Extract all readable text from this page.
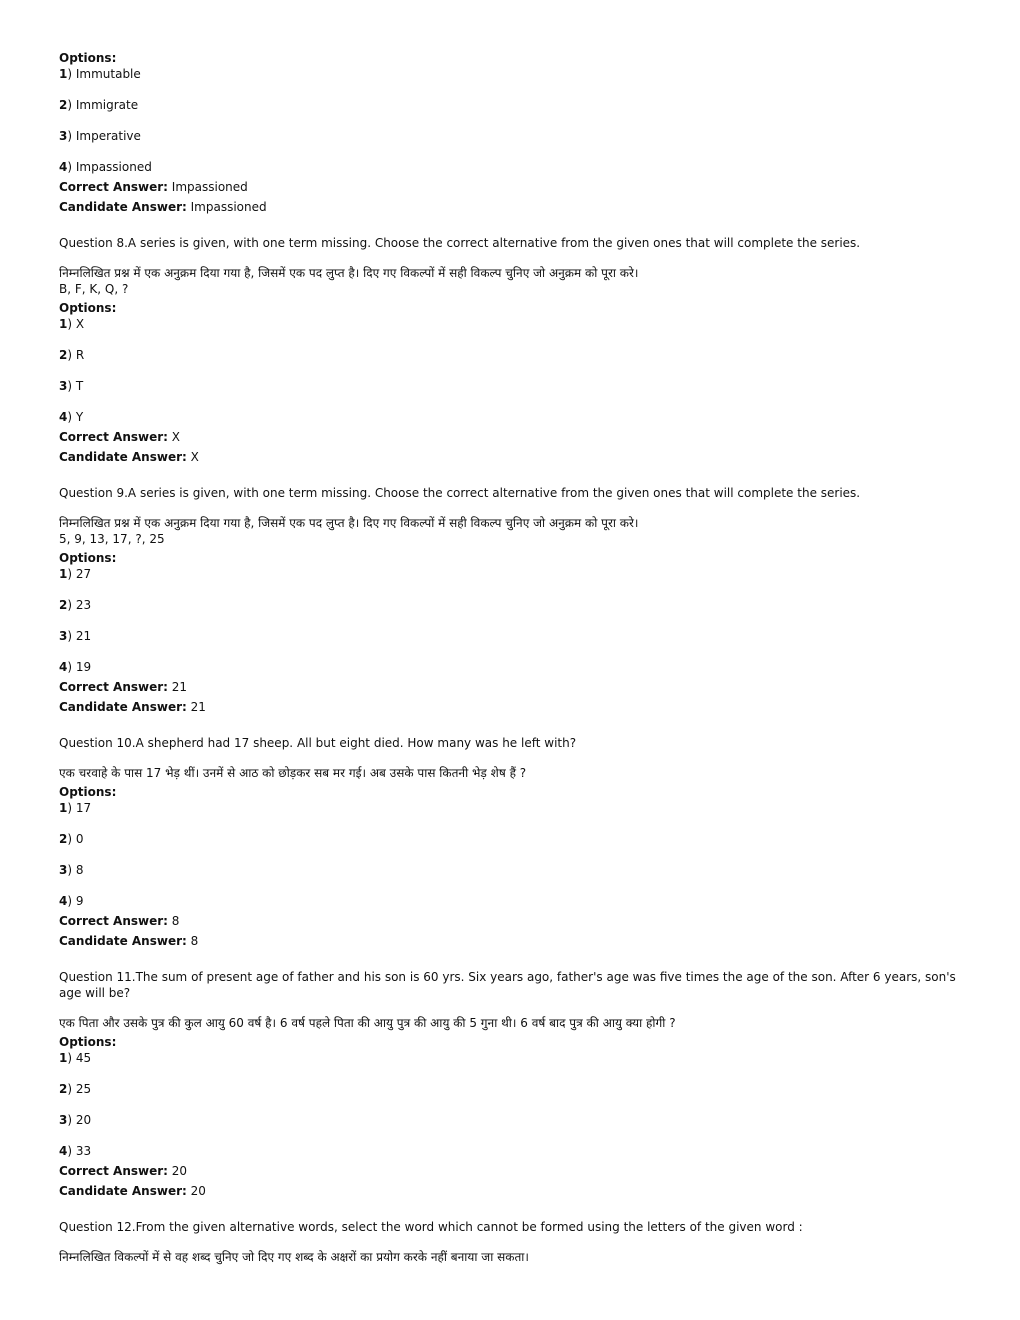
Options:
1) Immutable
2) Immigrate
3) Imperative
4) Impassioned
Correct Answer: Impassioned
Candidate Answer: Impassioned
Question 8.A series is given, with one term missing. Choose the correct alternative from the given ones that will complete the series.
निम्नलिखित प्रश्न में एक अनुक्रम दिया गया है, जिसमें एक पद लुप्त है। दिए गए विकल्पों में सही विकल्प चुनिए जो अनुक्रम को पूरा करे।
B, F, K, Q, ?
Options:
1) X
2) R
3) T
4) Y
Correct Answer: X
Candidate Answer: X
Question 9.A series is given, with one term missing. Choose the correct alternative from the given ones that will complete the series.
निम्नलिखित प्रश्न में एक अनुक्रम दिया गया है, जिसमें एक पद लुप्त है। दिए गए विकल्पों में सही विकल्प चुनिए जो अनुक्रम को पूरा करे।
5, 9, 13, 17, ?, 25
Options:
1) 27
2) 23
3) 21
4) 19
Correct Answer: 21
Candidate Answer: 21
Question 10.A shepherd had 17 sheep. All but eight died. How many was he left with?
एक चरवाहे के पास 17 भेड़ थीं। उनमें से आठ को छोड़कर सब मर गई। अब उसके पास कितनी भेड़ शेष हैं ?
Options:
1) 17
2) 0
3) 8
4) 9
Correct Answer: 8
Candidate Answer: 8
Question 11.The sum of present age of father and his son is 60 yrs. Six years ago, father's age was five times the age of the son. After 6 years, son's age will be?
एक पिता और उसके पुत्र की कुल आयु 60 वर्ष है। 6 वर्ष पहले पिता की आयु पुत्र की आयु की 5 गुना थी। 6 वर्ष बाद पुत्र की आयु क्या होगी ?
Options:
1) 45
2) 25
3) 20
4) 33
Correct Answer: 20
Candidate Answer: 20
Question 12.From the given alternative words, select the word which cannot be formed using the letters of the given word :
निम्नलिखित विकल्पों में से वह शब्द चुनिए जो दिए गए शब्द के अक्षरों का प्रयोग करके नहीं बनाया जा सकता।
